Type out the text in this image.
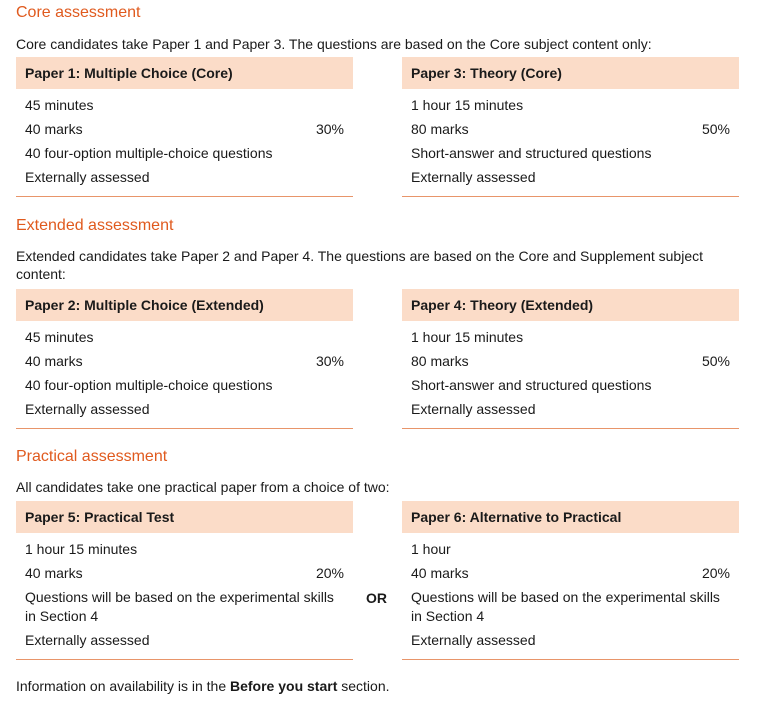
Core assessment
Core candidates take Paper 1 and Paper 3. The questions are based on the Core subject content only:
Paper 1: Multiple Choice (Core)
45 minutes
40 marks	30%
40 four-option multiple-choice questions
Externally assessed
Paper 3: Theory (Core)
1 hour 15 minutes
80 marks	50%
Short-answer and structured questions
Externally assessed
Extended assessment
Extended candidates take Paper 2 and Paper 4. The questions are based on the Core and Supplement subject content:
Paper 2: Multiple Choice (Extended)
45 minutes
40 marks	30%
40 four-option multiple-choice questions
Externally assessed
Paper 4: Theory (Extended)
1 hour 15 minutes
80 marks	50%
Short-answer and structured questions
Externally assessed
Practical assessment
All candidates take one practical paper from a choice of two:
Paper 5: Practical Test
1 hour 15 minutes
40 marks	20%
Questions will be based on the experimental skills in Section 4
Externally assessed
OR
Paper 6: Alternative to Practical
1 hour
40 marks	20%
Questions will be based on the experimental skills in Section 4
Externally assessed
Information on availability is in the Before you start section.
